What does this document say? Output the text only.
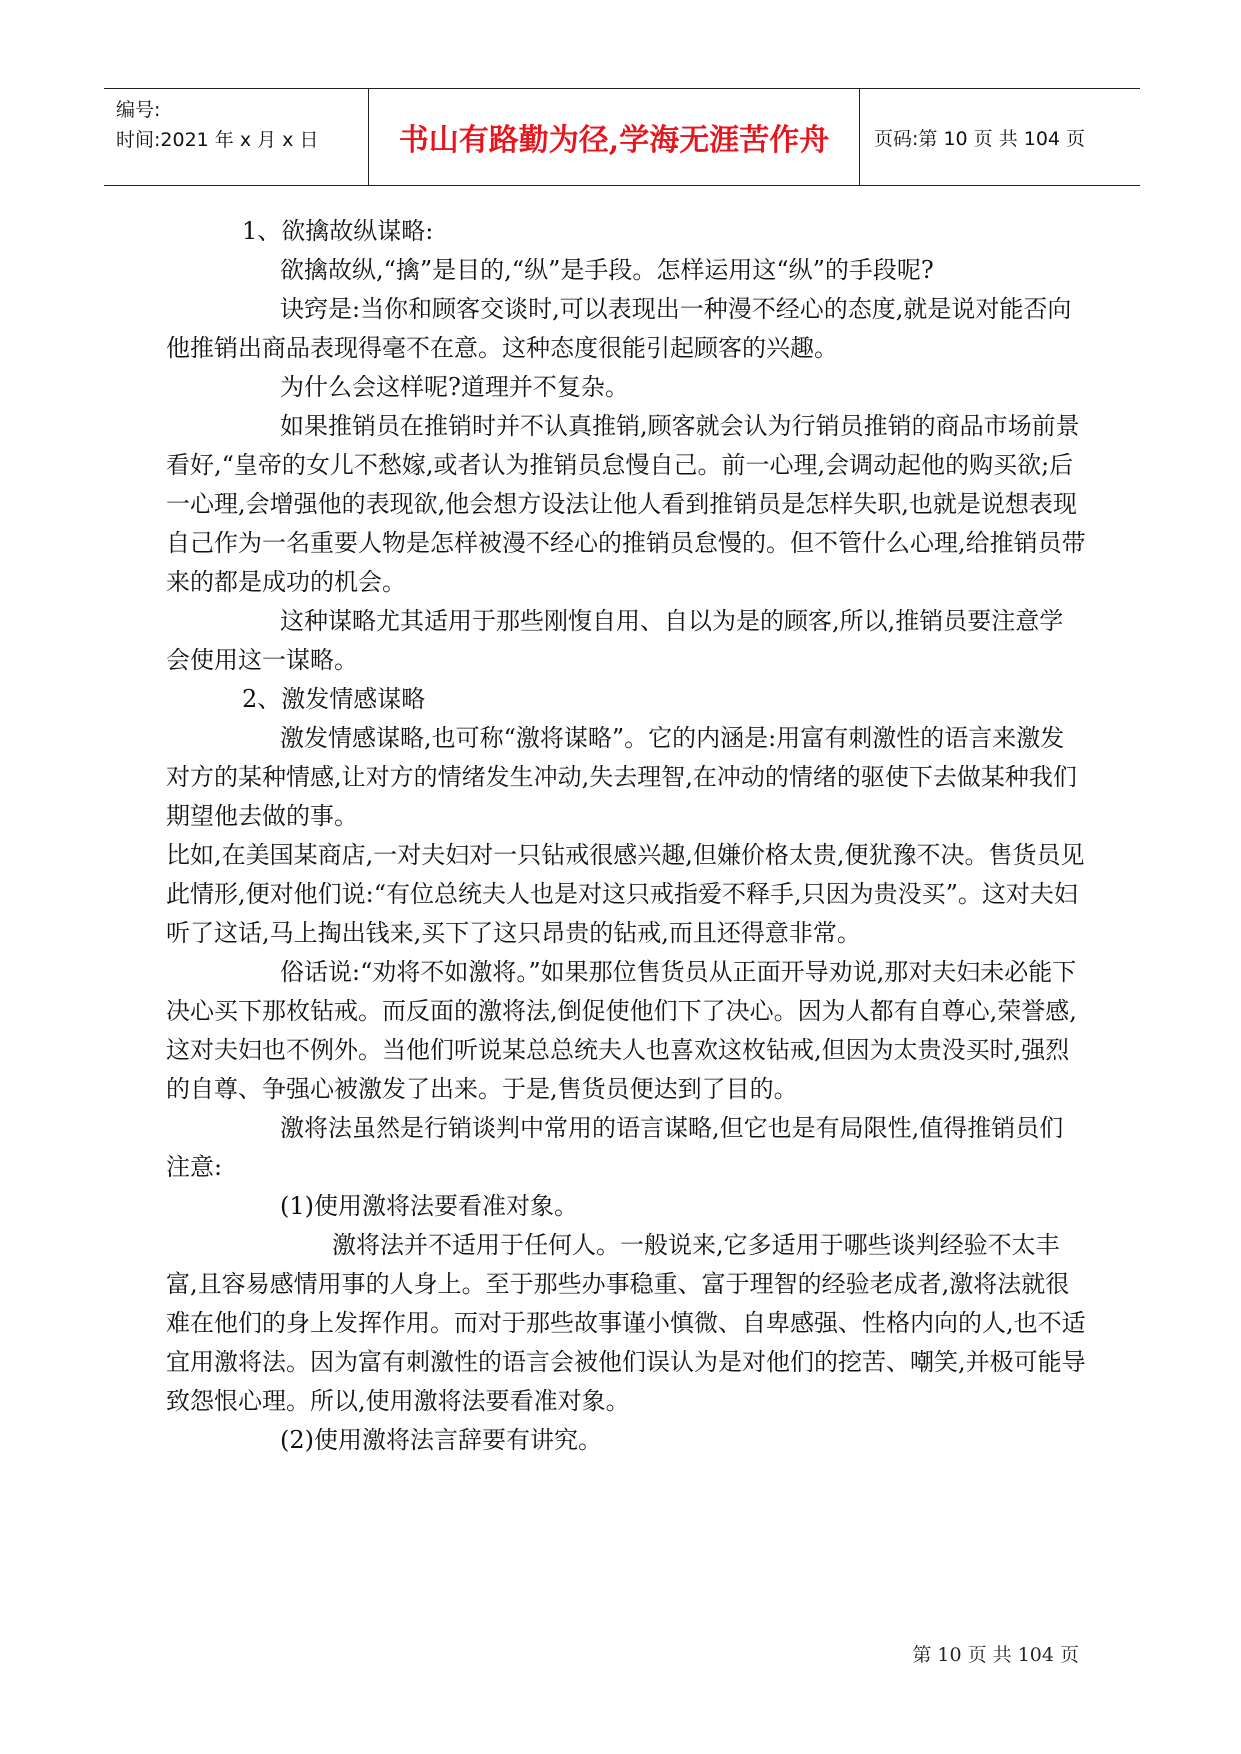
编号:
时间:2021 年 x 月 x 日	书山有路勤为径,学海无涯苦作舟	页码:第 10 页 共 104 页

1、欲擒故纵谋略:

欲擒故纵,“擒”是目的,“纵”是手段。怎样运用这“纵”的手段呢?

诀窍是:当你和顾客交谈时,可以表现出一种漫不经心的态度,就是说对能否向他推销出商品表现得毫不在意。这种态度很能引起顾客的兴趣。

为什么会这样呢?道理并不复杂。

如果推销员在推销时并不认真推销,顾客就会认为行销员推销的商品市场前景看好,“皇帝的女儿不愁嫁,或者认为推销员怠慢自己。前一心理,会调动起他的购买欲;后一心理,会增强他的表现欲,他会想方设法让他人看到推销员是怎样失职,也就是说想表现自己作为一名重要人物是怎样被漫不经心的推销员怠慢的。但不管什么心理,给推销员带来的都是成功的机会。

这种谋略尤其适用于那些刚愎自用、自以为是的顾客,所以,推销员要注意学会使用这一谋略。

2、激发情感谋略

激发情感谋略,也可称“激将谋略”。它的内涵是:用富有刺激性的语言来激发对方的某种情感,让对方的情绪发生冲动,失去理智,在冲动的情绪的驱使下去做某种我们期望他去做的事。

比如,在美国某商店,一对夫妇对一只钻戒很感兴趣,但嫌价格太贵,便犹豫不决。售货员见此情形,便对他们说:“有位总统夫人也是对这只戒指爱不释手,只因为贵没买”。这对夫妇听了这话,马上掏出钱来,买下了这只昂贵的钻戒,而且还得意非常。

俗话说:“劝将不如激将。”如果那位售货员从正面开导劝说,那对夫妇未必能下决心买下那枚钻戒。而反面的激将法,倒促使他们下了决心。因为人都有自尊心,荣誉感,这对夫妇也不例外。当他们听说某总总统夫人也喜欢这枚钻戒,但因为太贵没买时,强烈的自尊、争强心被激发了出来。于是,售货员便达到了目的。

激将法虽然是行销谈判中常用的语言谋略,但它也是有局限性,值得推销员们注意:

(1)使用激将法要看准对象。

激将法并不适用于任何人。一般说来,它多适用于哪些谈判经验不太丰富,且容易感情用事的人身上。至于那些办事稳重、富于理智的经验老成者,激将法就很难在他们的身上发挥作用。而对于那些故事谨小慎微、自卑感强、性格内向的人,也不适宜用激将法。因为富有刺激性的语言会被他们误认为是对他们的挖苦、嘲笑,并极可能导致怨恨心理。所以,使用激将法要看准对象。

(2)使用激将法言辞要有讲究。

第 10 页 共 104 页
